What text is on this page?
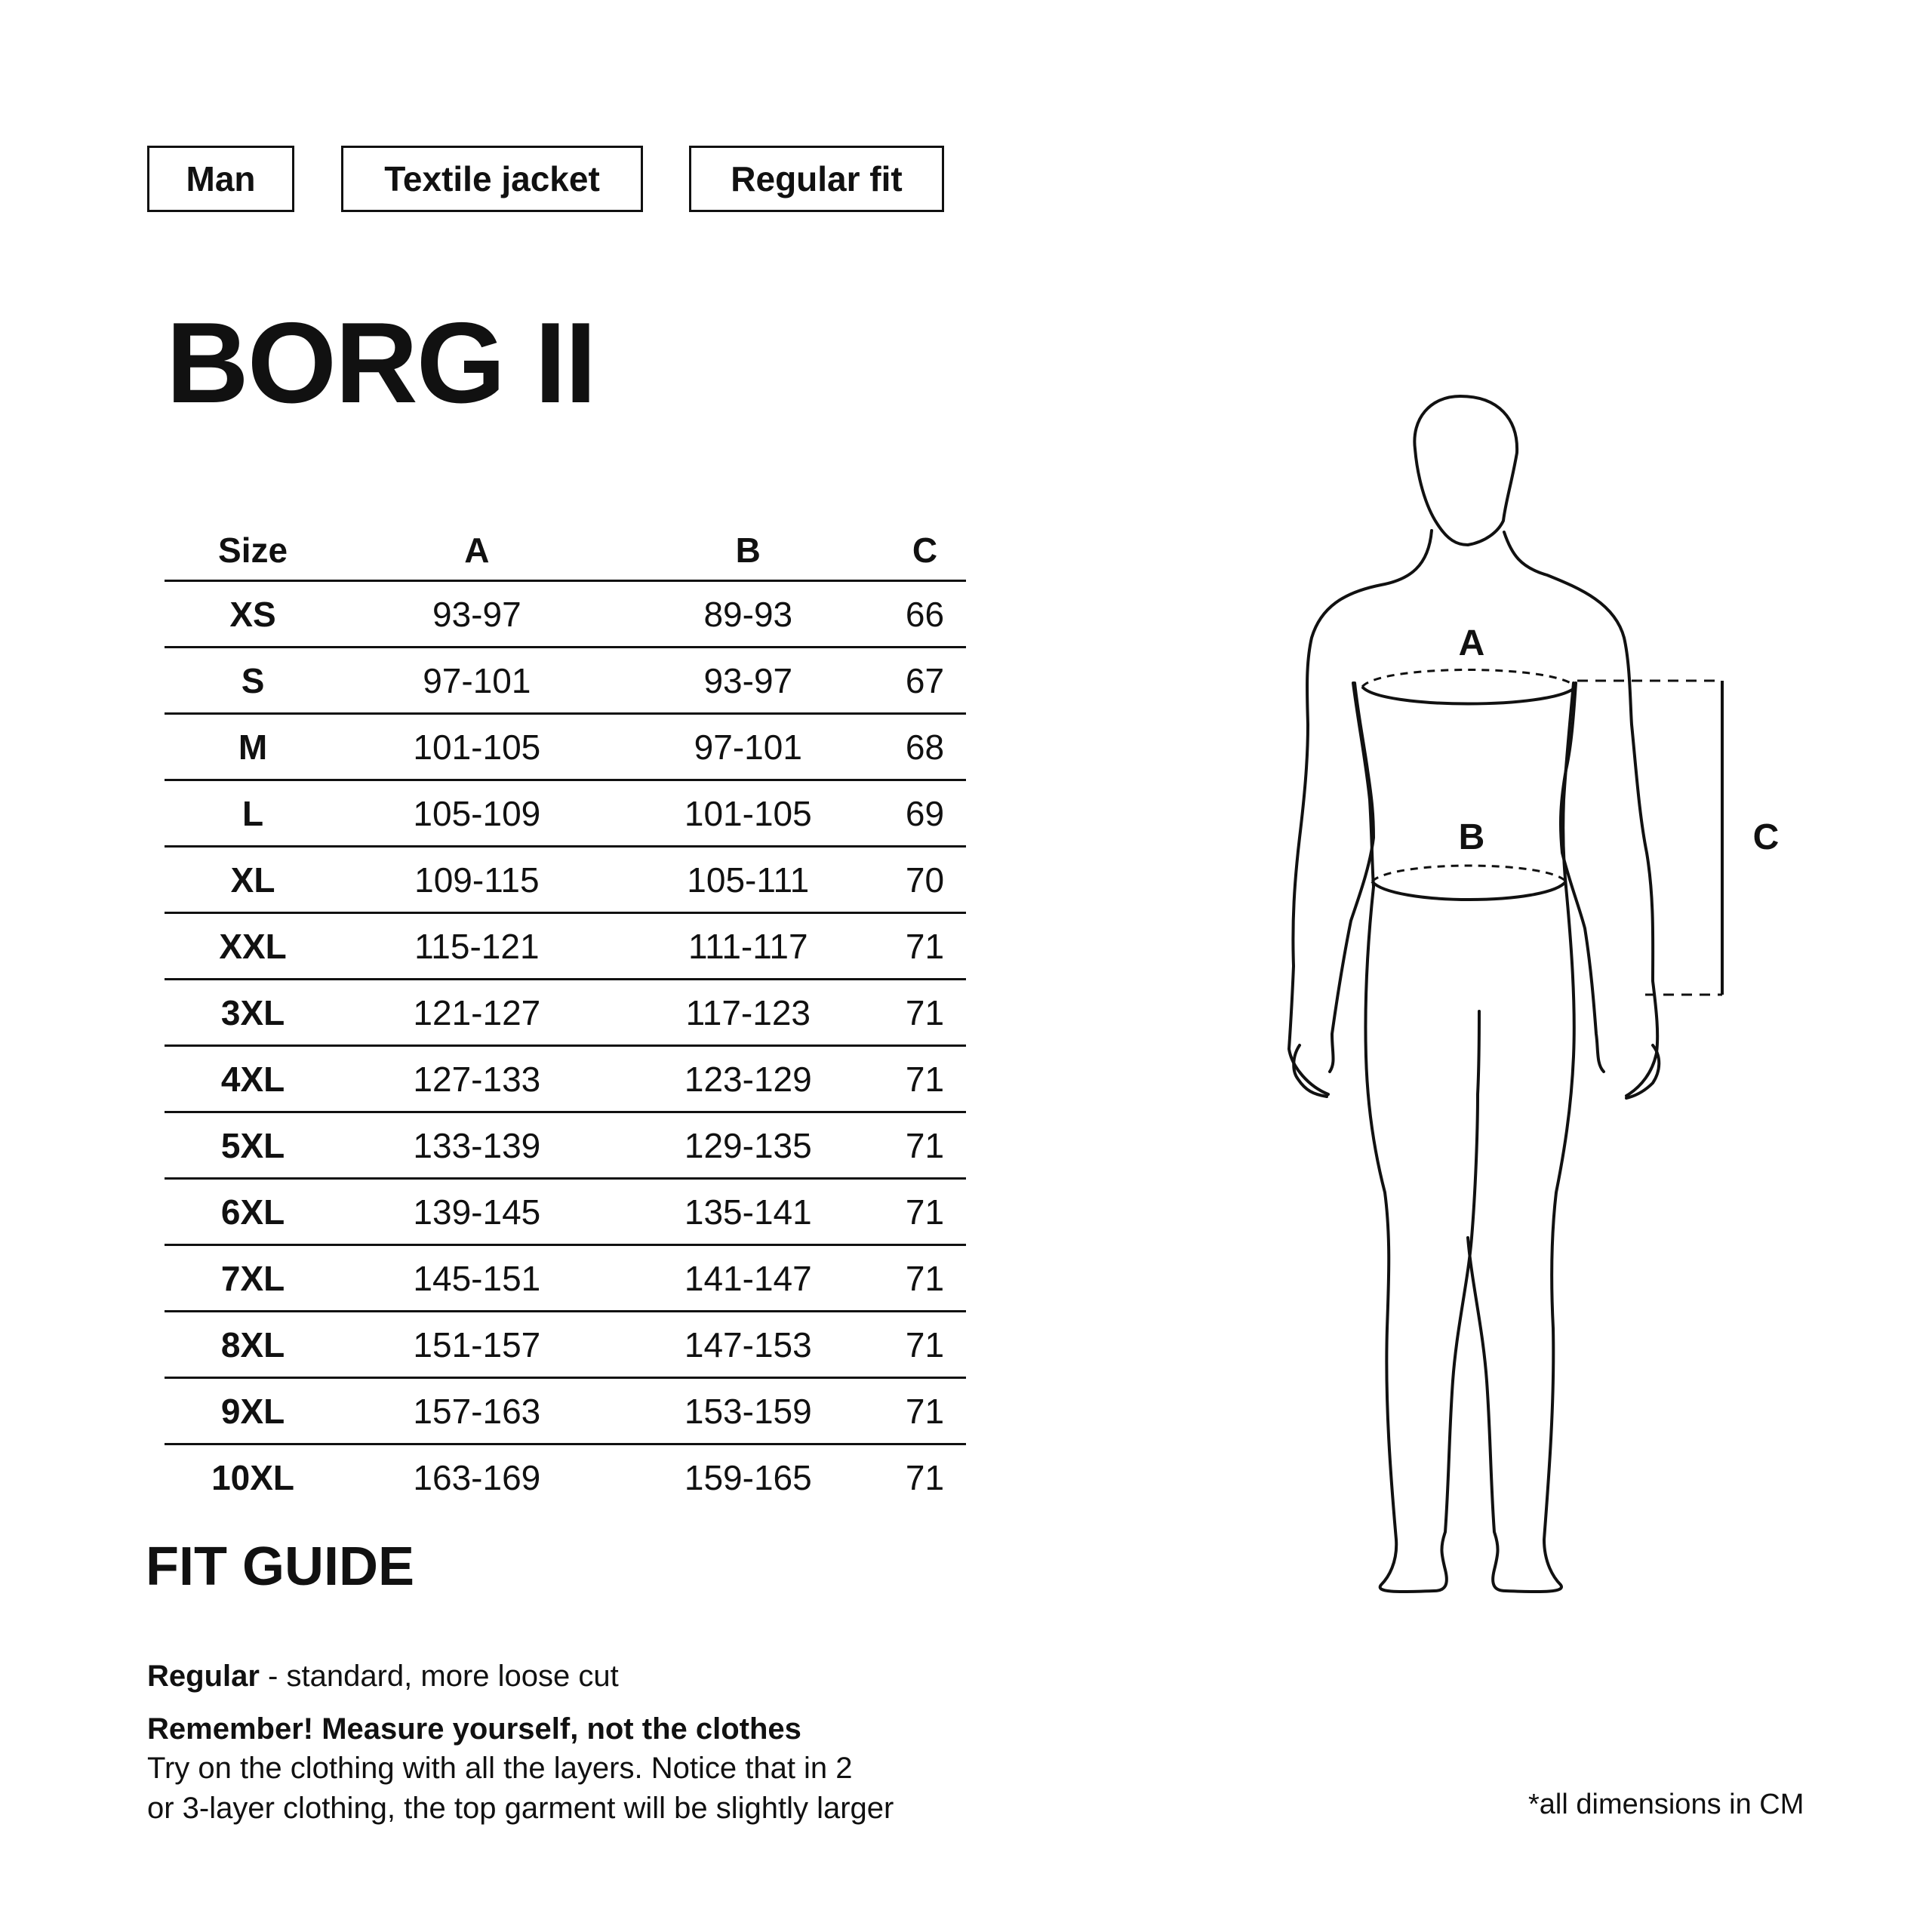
Man	Textile jacket	Regular fit
BORG II
Size	A	B	C
XS	93-97	89-93	66
S	97-101	93-97	67
M	101-105	97-101	68
L	105-109	101-105	69
XL	109-115	105-111	70
XXL	115-121	111-117	71
3XL	121-127	117-123	71
4XL	127-133	123-129	71
5XL	133-139	129-135	71
6XL	139-145	135-141	71
7XL	145-151	141-147	71
8XL	151-157	147-153	71
9XL	157-163	153-159	71
10XL	163-169	159-165	71
FIT GUIDE
Regular - standard, more loose cut
Remember! Measure yourself, not the clothes
Try on the clothing with all the layers. Notice that in 2
or 3-layer clothing, the top garment will be slightly larger	*all dimensions in CM
A
B	C
